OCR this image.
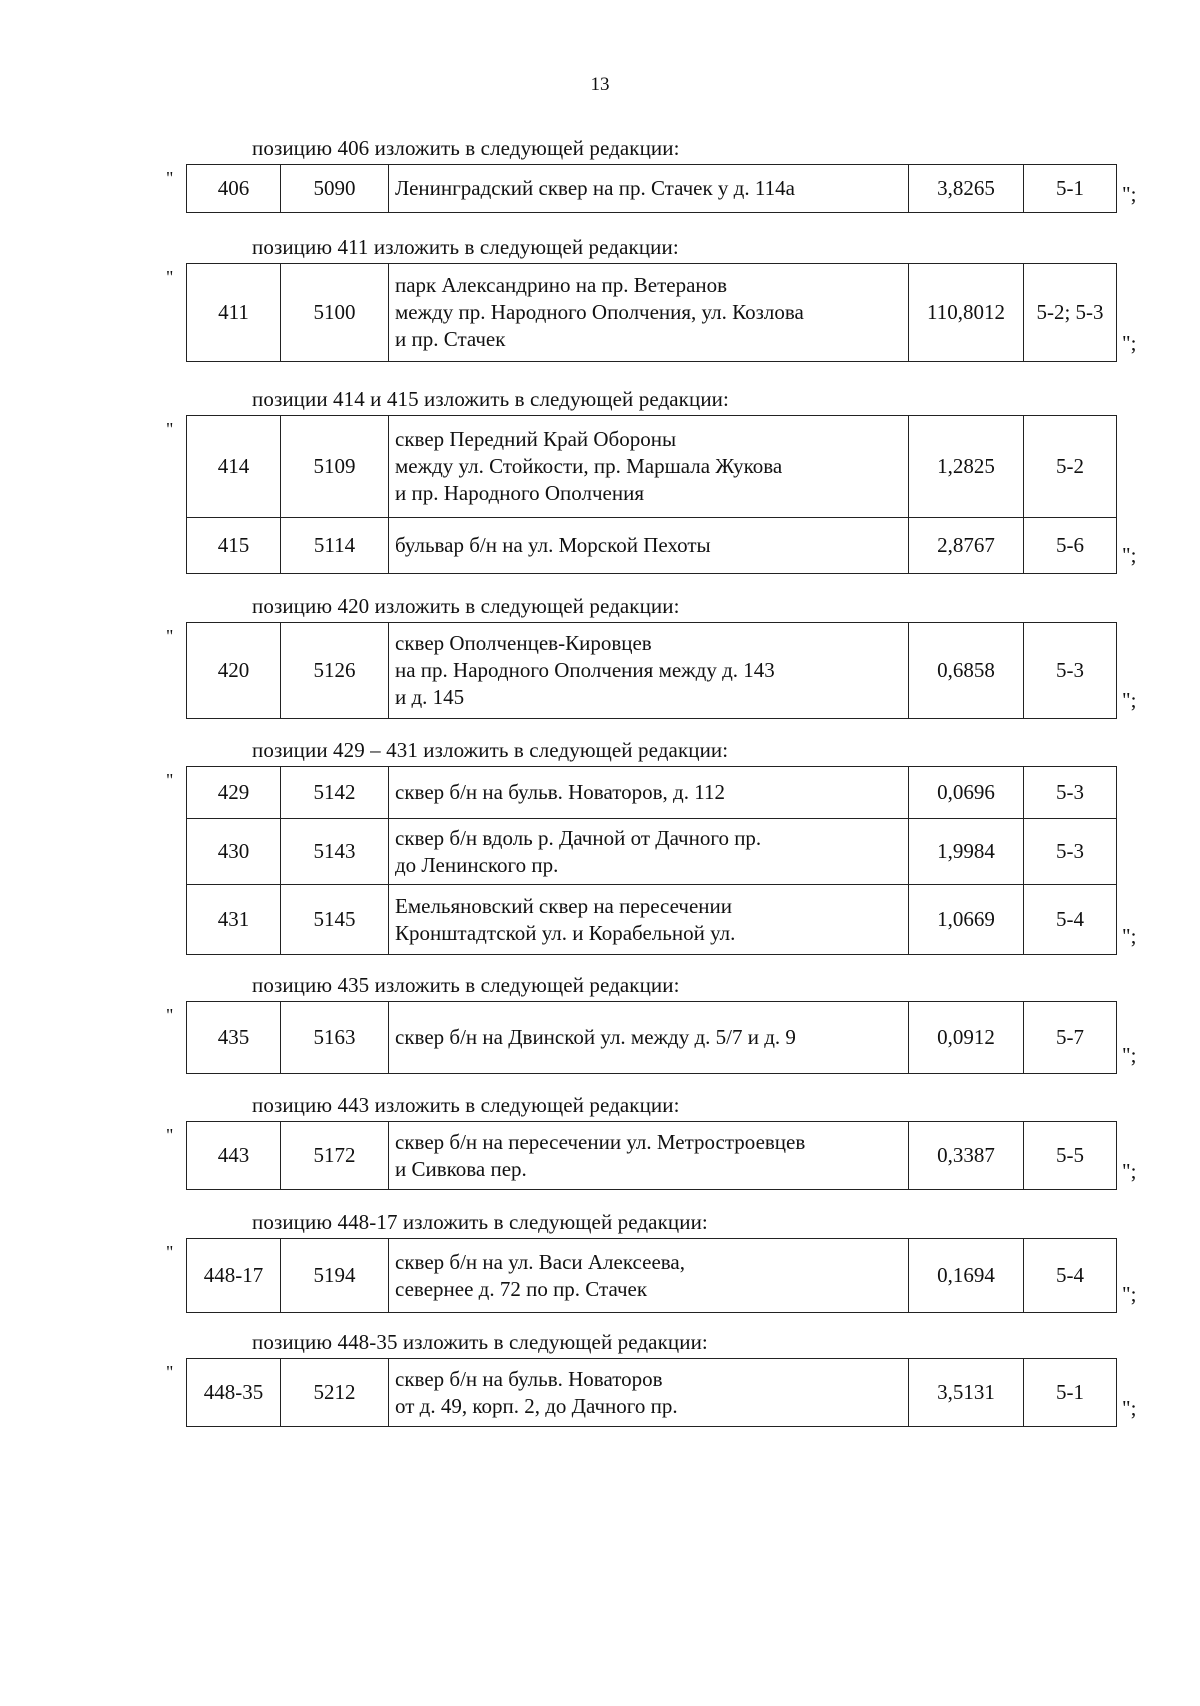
13
позицию 406 изложить в следующей редакции:
" 406	5090	Ленинградский сквер на пр. Стачек у д. 114а	3,8265	5-1 ";
позицию 411 изложить в следующей редакции:
"
411	5100	парк Александрино на пр. Ветеранов
между пр. Народного Ополчения, ул. Козлова
и пр. Стачек	110,8012	5-2; 5-3
";
позиции 414 и 415 изложить в следующей редакции:
"
414	5109	сквер Передний Край Обороны
между ул. Стойкости, пр. Маршала Жукова
и пр. Народного Ополчения	1,2825	5-2
415	5114	бульвар б/н на ул. Морской Пехоты	2,8767	5-6 ";
позицию 420 изложить в следующей редакции:
"
420	5126	сквер Ополченцев-Кировцев
на пр. Народного Ополчения между д. 143
и д. 145	0,6858	5-3
";
позиции 429 – 431 изложить в следующей редакции:
" 429	5142	сквер б/н на бульв. Новаторов, д. 112	0,0696	5-3
430	5143	сквер б/н вдоль р. Дачной от Дачного пр.
до Ленинского пр.	1,9984	5-3
431	5145	Емельяновский сквер на пересечении
Кронштадтской ул. и Корабельной ул.	1,0669	5-4
";
позицию 435 изложить в следующей редакции:
"
435	5163	сквер б/н на Двинской ул. между д. 5/7 и д. 9	0,0912	5-7
";
позицию 443 изложить в следующей редакции:
"
443	5172	сквер б/н на пересечении ул. Метростроевцев
и Сивкова пер.	0,3387	5-5
";
позицию 448-17 изложить в следующей редакции:
"
448-17	5194	сквер б/н на ул. Васи Алексеева,
севернее д. 72 по пр. Стачек	0,1694	5-4
";
позицию 448-35 изложить в следующей редакции:
"
448-35	5212	сквер б/н на бульв. Новаторов
от д. 49, корп. 2, до Дачного пр.	3,5131	5-1
";
